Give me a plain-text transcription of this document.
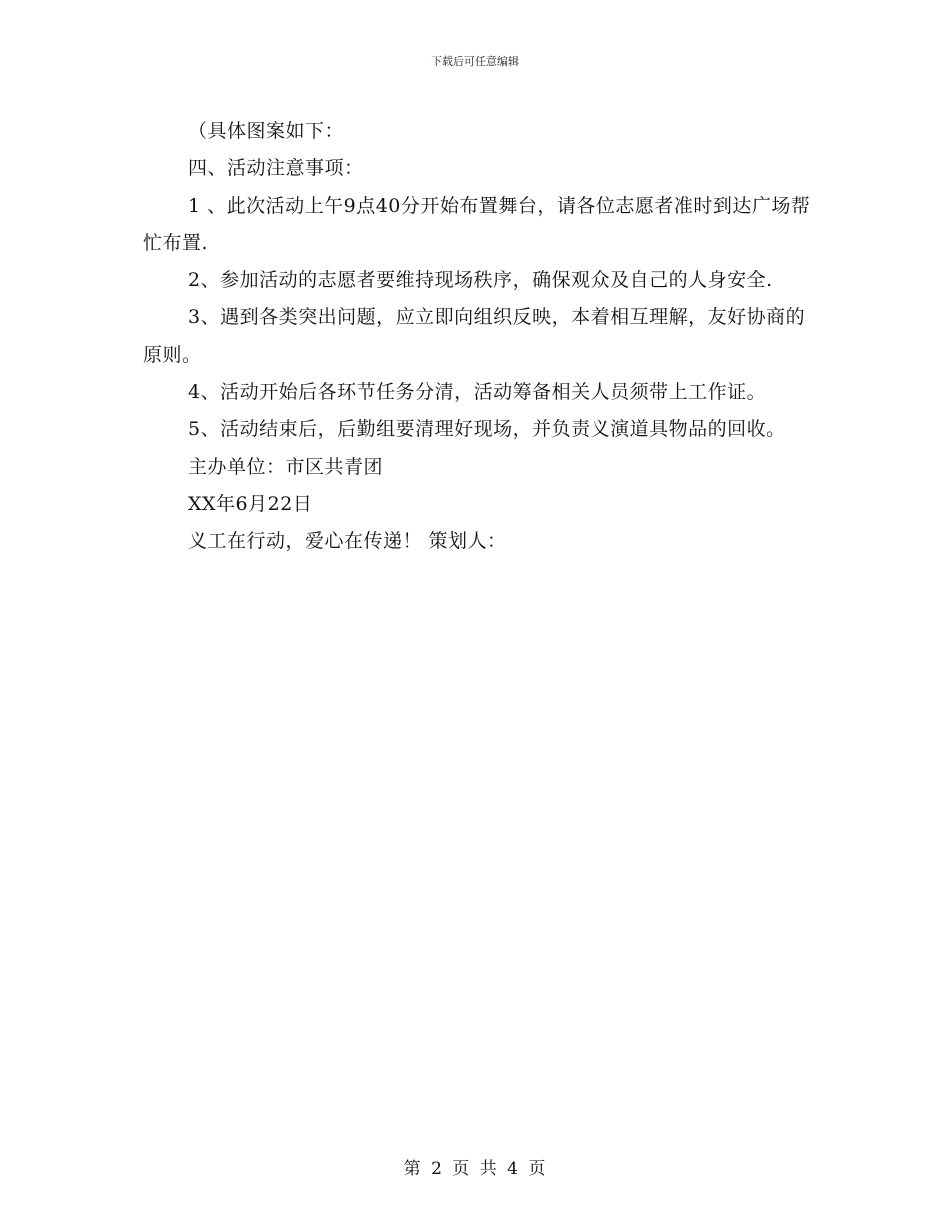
下载后可任意编辑

（具体图案如下：

四、活动注意事项：

1 、此次活动上午9点40分开始布置舞台，请各位志愿者准时到达广场帮忙布置.

2、参加活动的志愿者要维持现场秩序，确保观众及自己的人身安全.

3、遇到各类突出问题，应立即向组织反映，本着相互理解，友好协商的原则。

4、活动开始后各环节任务分清，活动筹备相关人员须带上工作证。

5、活动结束后，后勤组要清理好现场，并负责义演道具物品的回收。

主办单位：市区共青团

XX年6月22日

义工在行动，爱心在传递！ 策划人：

第 2 页 共 4 页
